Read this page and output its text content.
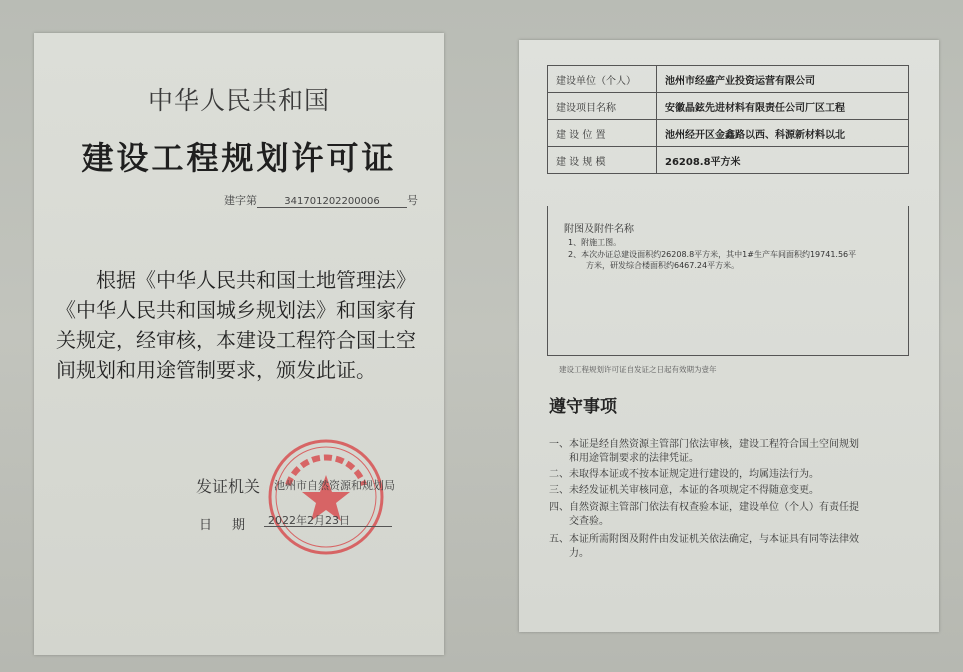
中华人民共和国
建设工程规划许可证
建字第	341701202200006 号
根据《中华人民共和国土地管理法》《中华人民共和国城乡规划法》和国家有关规定，经审核，本建设工程符合国土空间规划和用途管制要求，颁发此证。
发证机关 池州市自然资源和规划局
日期 2022年2月23日
建设单位（个人）	池州市经盛产业投资运营有限公司
建设项目名称	安徽晶鉉先进材料有限责任公司厂区工程
建 设 位 置	池州经开区金鑫路以西、科源新材料以北
建 设 规 模	26208.8平方米
附图及附件名称
1、附施工图。
2、本次办证总建设面积约26208.8平方米，其中1#生产车间面积约19741.56平
方米，研发综合楼面积约6467.24平方米。
建设工程规划许可证自发证之日起有效期为壹年
遵守事项
一、本证是经自然资源主管部门依法审核，建设工程符合国土空间规划
　　和用途管制要求的法律凭证。
二、未取得本证或不按本证规定进行建设的，均属违法行为。
三、未经发证机关审核同意，本证的各项规定不得随意变更。
四、自然资源主管部门依法有权查验本证，建设单位（个人）有责任提
　　交查验。
五、本证所需附图及附件由发证机关依法确定，与本证具有同等法律效
　　力。
